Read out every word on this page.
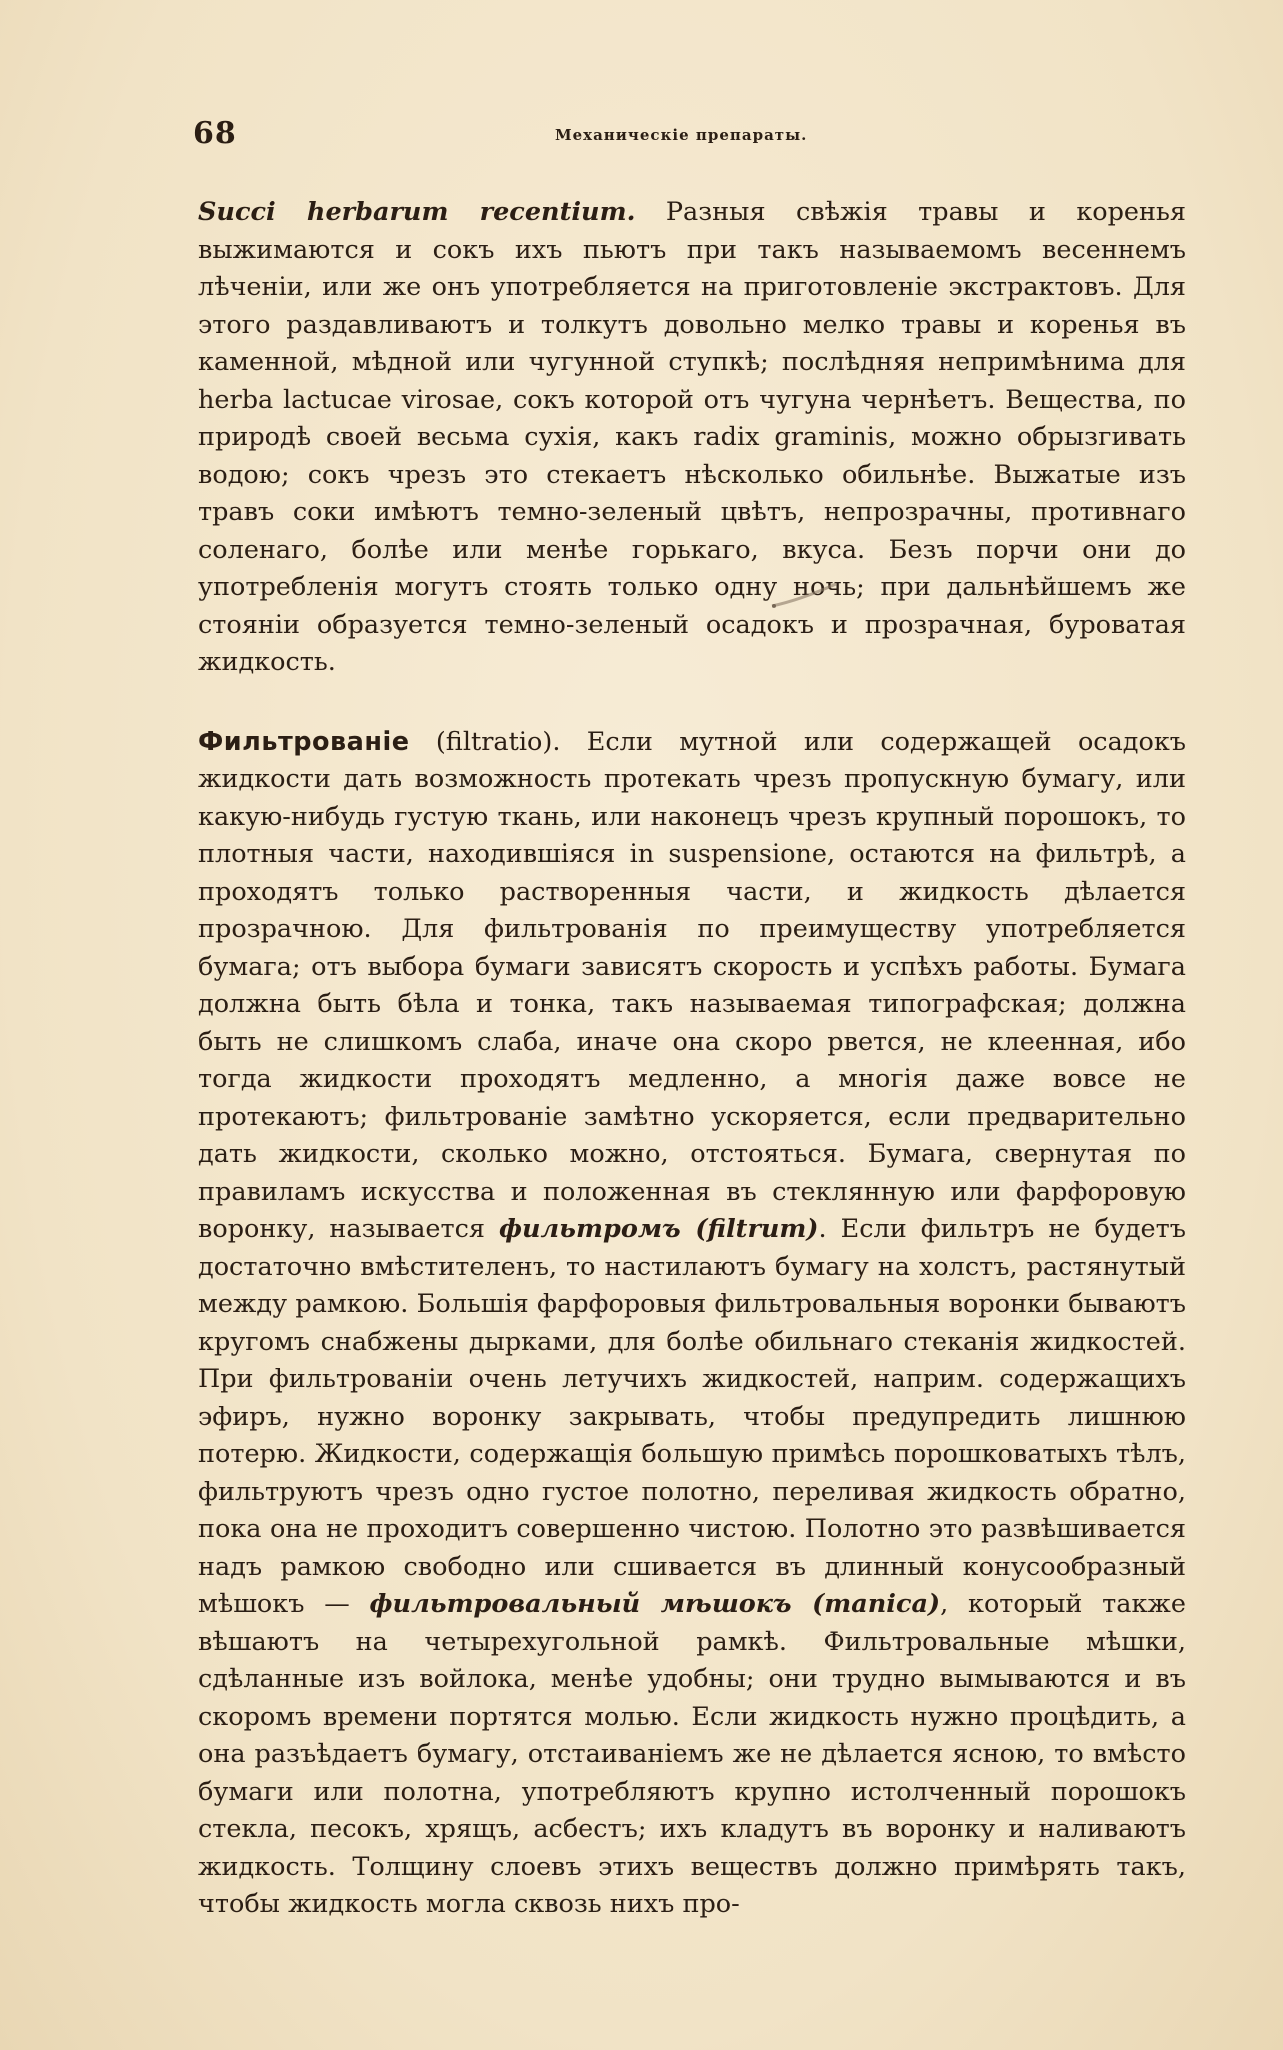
68	Механическіе препараты.

Succi herbarum recentium. Разныя свѣжія травы и коренья выжимаются и сокъ ихъ пьютъ при такъ называемомъ весеннемъ лѣченіи, или же онъ употребляется на приготовленіе экстрактовъ. Для этого раздавливаютъ и толкутъ довольно мелко травы и коренья въ каменной, мѣдной или чугунной ступкѣ; послѣдняя непримѣнима для herba lactucae virosae, сокъ которой отъ чугуна чернѣетъ. Вещества, по природѣ своей весьма сухія, какъ radix graminis, можно обрызгивать водою; сокъ чрезъ это стекаетъ нѣсколько обильнѣе. Выжатые изъ травъ соки имѣютъ темно-зеленый цвѣтъ, непрозрачны, противнаго соленаго, болѣе или менѣе горькаго, вкуса. Безъ порчи они до употребленія могутъ стоять только одну ночь; при дальнѣйшемъ же стояніи образуется темно-зеленый осадокъ и прозрачная, буроватая жидкость.

Фильтрованіе (filtratio). Если мутной или содержащей осадокъ жидкости дать возможность протекать чрезъ пропускную бумагу, или какую-нибудь густую ткань, или наконецъ чрезъ крупный порошокъ, то плотныя части, находившіяся in suspensione, остаются на фильтрѣ, а проходятъ только растворенныя части, и жидкость дѣлается прозрачною. Для фильтрованія по преимуществу употребляется бумага; отъ выбора бумаги зависятъ скорость и успѣхъ работы. Бумага должна быть бѣла и тонка, такъ называемая типографская; должна быть не слишкомъ слаба, иначе она скоро рвется, не клеенная, ибо тогда жидкости проходятъ медленно, а многія даже вовсе не протекаютъ; фильтрованіе замѣтно ускоряется, если предварительно дать жидкости, сколько можно, отстояться. Бумага, свернутая по правиламъ искусства и положенная въ стеклянную или фарфоровую воронку, называется фильтромъ (filtrum). Если фильтръ не будетъ достаточно вмѣстителенъ, то настилаютъ бумагу на холстъ, растянутый между рамкою. Большія фарфоровыя фильтровальныя воронки бываютъ кругомъ снабжены дырками, для болѣе обильнаго стеканія жидкостей. При фильтрованіи очень летучихъ жидкостей, наприм. содержащихъ эфиръ, нужно воронку закрывать, чтобы предупредить лишнюю потерю. Жидкости, содержащія большую примѣсь порошковатыхъ тѣлъ, фильтруютъ чрезъ одно густое полотно, переливая жидкость обратно, пока она не проходитъ совершенно чистою. Полотно это развѣшивается надъ рамкою свободно или сшивается въ длинный конусообразный мѣшокъ — фильтровальный мѣшокъ (manica), который также вѣшаютъ на четырехугольной рамкѣ. Фильтровальные мѣшки, сдѣланные изъ войлока, менѣе удобны; они трудно вымываются и въ скоромъ времени портятся молью. Если жидкость нужно процѣдить, а она разъѣдаетъ бумагу, отстаиваніемъ же не дѣлается ясною, то вмѣсто бумаги или полотна, употребляютъ крупно истолченный порошокъ стекла, песокъ, хрящъ, асбестъ; ихъ кладутъ въ воронку и наливаютъ жидкость. Толщину слоевъ этихъ веществъ должно примѣрять такъ, чтобы жидкость могла сквозь нихъ про-
